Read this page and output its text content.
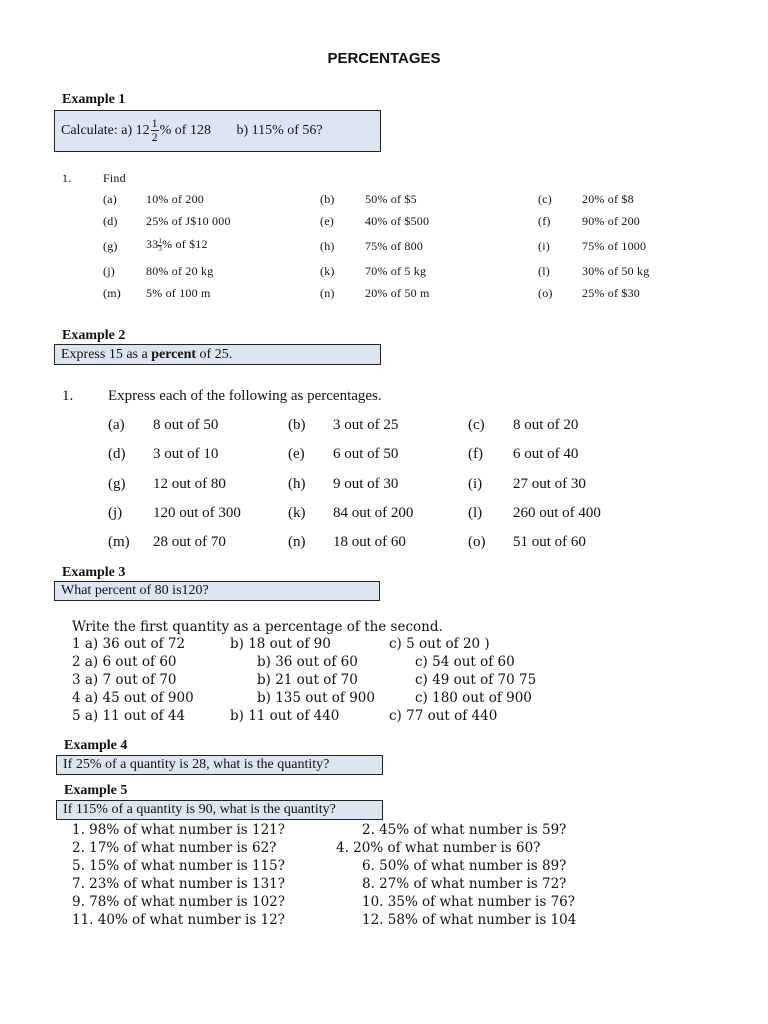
PERCENTAGES
Example 1
Calculate: a) $12 \frac{1}{2}$ % of 128 b) 115% of 56?
1.	Find
(a) 10% of 200	(b)	50% of $5	(c)	20% of $8
(d) 25% of J$10 000	(e)	40% of $500	(f)	90% of 200
(g) $33 \frac{1}{3}$ % of $12	(h)	75% of 800	(i)	75% of 1000
(j)	80% of 20 kg	(k)	70% of 5 kg	(l)	30% of 50 kg
(m) 5% of 100 m	(n)	20% of 50 m	(o) 25% of $30
Example 2
Express 15 as a percent of 25.
1. Express each of the following as percentages.
(a) 8 out of 50	(b) 3 out of 25	(c) 8 out of 20
(d) 3 out of 10	(e) 6 out of 50	(f) 6 out of 40
(g) 12 out of 80	(h) 9 out of 30	(i) 27 out of 30
(j) 120 out of 300	(k) 84 out of 200	(l) 260 out of 400
(m) 28 out of 70	(n) 18 out of 60	(o) 51 out of 60
Example 3
What percent of 80 is120?
Write the first quantity as a percentage of the second.
1 a) 36 out of 72	b) 18 out of 90	c) 5 out of 20 )
2 a) 6 out of 60	b) 36 out of 60	c) 54 out of 60
3 a) 7 out of 70	b) 21 out of 70	c) 49 out of 70 75
4 a) 45 out of 900	b) 135 out of 900	c) 180 out of 900
5 a) 11 out of 44	b) 11 out of 440	c) 77 out of 440
Example 4
If 25% of a quantity is 28, what is the quantity?
Example 5
If 115% of a quantity is 90, what is the quantity?
1. 98% of what number is 121?	2. 45% of what number is 59?
2. 17% of what number is 62?	4. 20% of what number is 60?
5. 15% of what number is 115?	6. 50% of what number is 89?
7. 23% of what number is 131?	8. 27% of what number is 72?
9. 78% of what number is 102?	10. 35% of what number is 76?
11. 40% of what number is 12?	12. 58% of what number is 104
